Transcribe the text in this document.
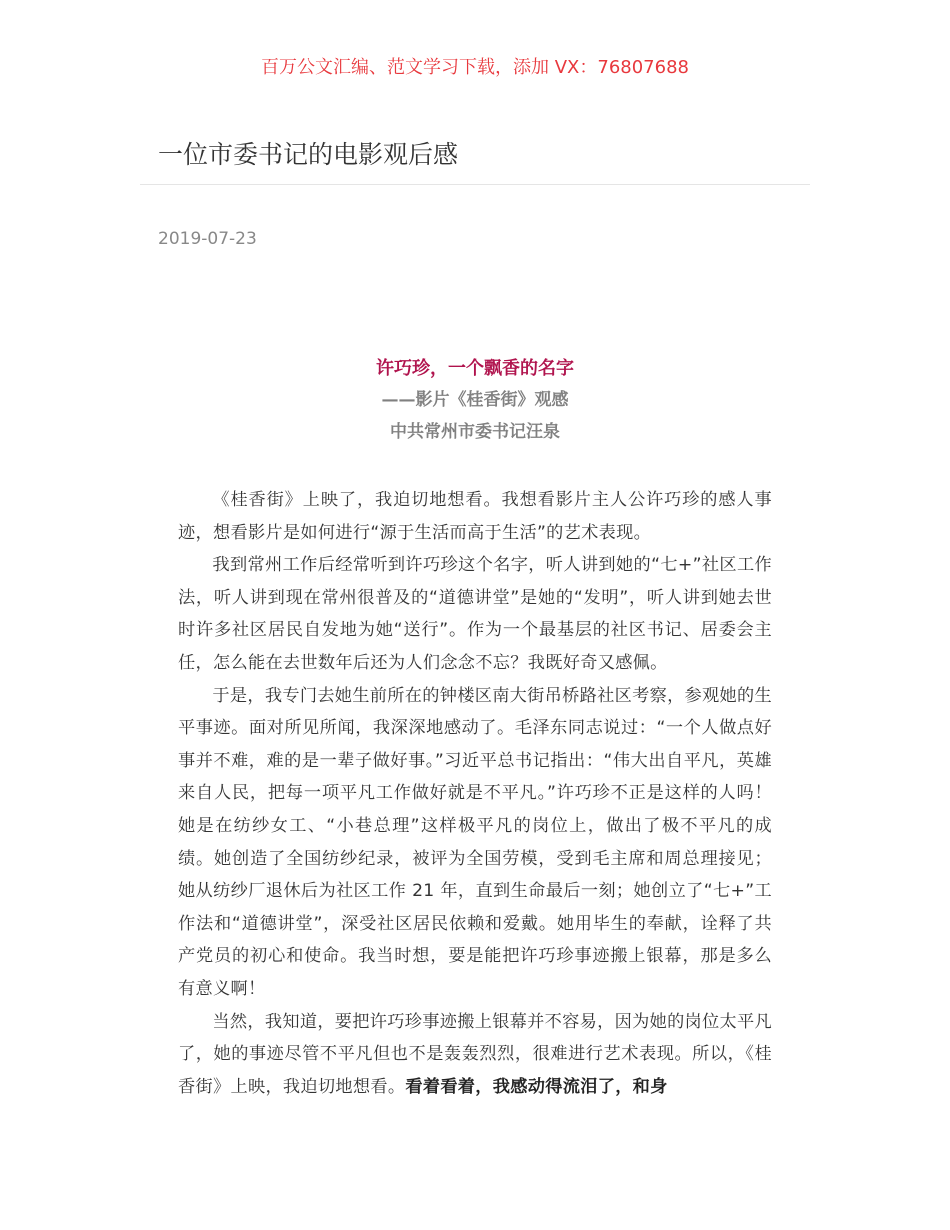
百万公文汇编、范文学习下载，添加 VX：76807688
一位市委书记的电影观后感
2019-07-23
许巧珍，一个飘香的名字
——影片《桂香街》观感
中共常州市委书记汪泉

《桂香街》上映了，我迫切地想看。我想看影片主人公许巧珍的感人事迹，想看影片是如何进行“源于生活而高于生活”的艺术表现。

我到常州工作后经常听到许巧珍这个名字，听人讲到她的“七+”社区工作法，听人讲到现在常州很普及的“道德讲堂”是她的“发明”，听人讲到她去世时许多社区居民自发地为她“送行”。作为一个最基层的社区书记、居委会主任，怎么能在去世数年后还为人们念念不忘？我既好奇又感佩。

于是，我专门去她生前所在的钟楼区南大街吊桥路社区考察，参观她的生平事迹。面对所见所闻，我深深地感动了。毛泽东同志说过：“一个人做点好事并不难，难的是一辈子做好事。”习近平总书记指出：“伟大出自平凡，英雄来自人民，把每一项平凡工作做好就是不平凡。”许巧珍不正是这样的人吗！她是在纺纱女工、“小巷总理”这样极平凡的岗位上，做出了极不平凡的成绩。她创造了全国纺纱纪录，被评为全国劳模，受到毛主席和周总理接见；她从纺纱厂退休后为社区工作 21 年，直到生命最后一刻；她创立了“七+”工作法和“道德讲堂”，深受社区居民依赖和爱戴。她用毕生的奉献，诠释了共产党员的初心和使命。我当时想，要是能把许巧珍事迹搬上银幕，那是多么有意义啊！

当然，我知道，要把许巧珍事迹搬上银幕并不容易，因为她的岗位太平凡了，她的事迹尽管不平凡但也不是轰轰烈烈，很难进行艺术表现。所以，《桂香街》上映，我迫切地想看。看着看着，我感动得流泪了，和身
